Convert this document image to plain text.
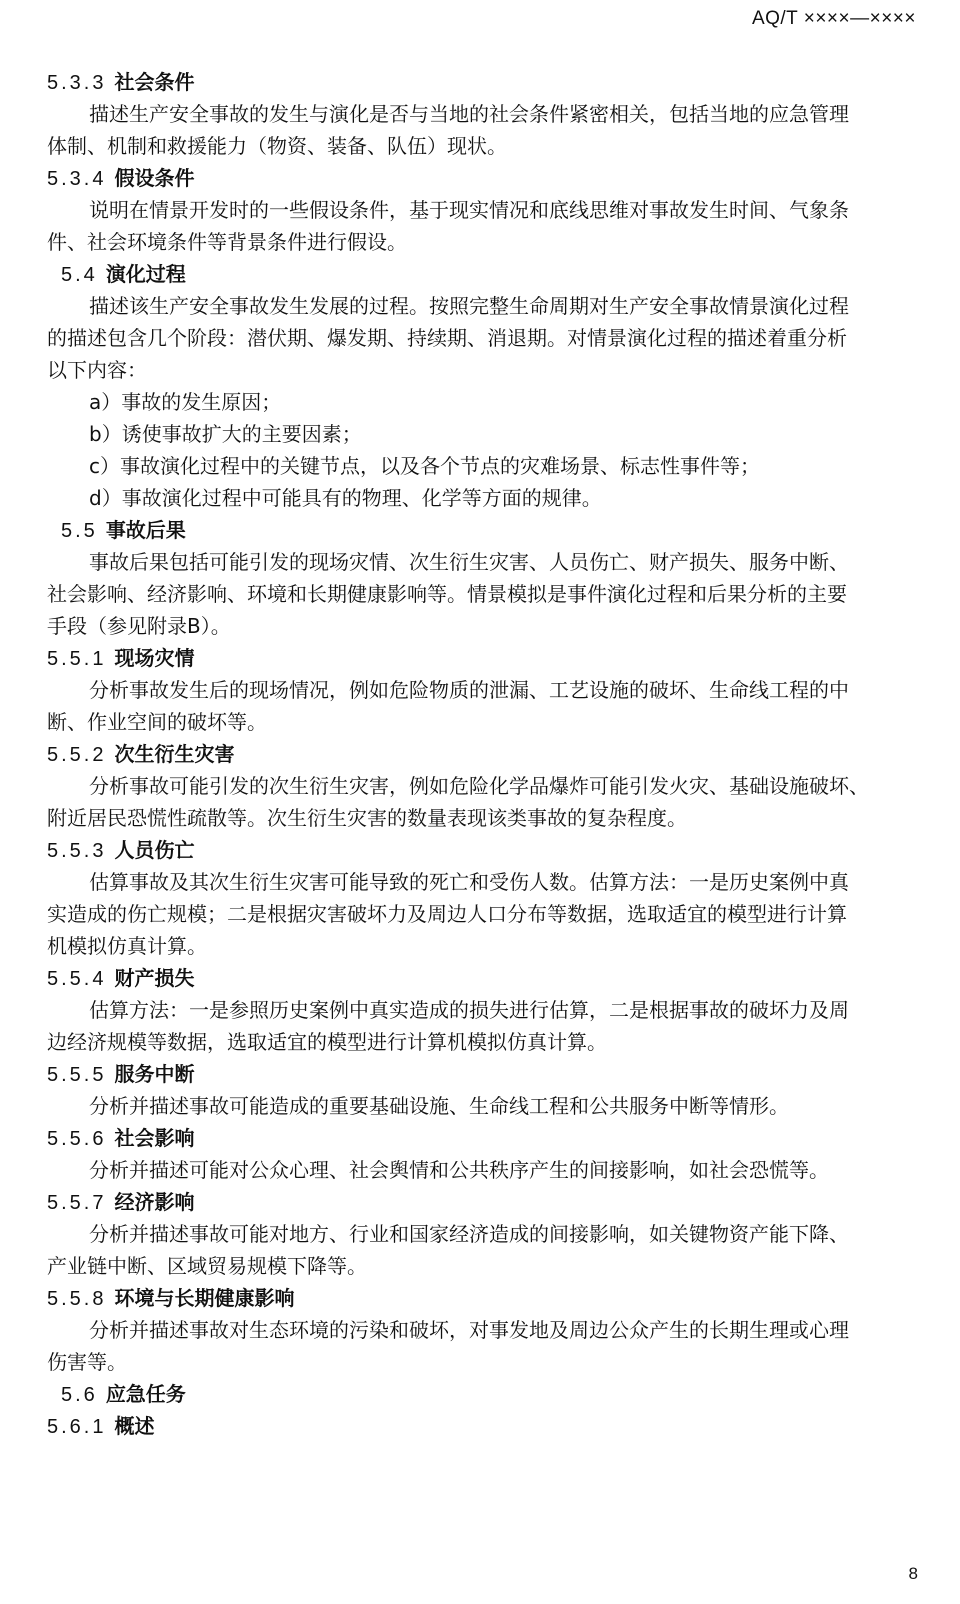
AQ/T ××××—××××
5.3.3 社会条件
描述生产安全事故的发生与演化是否与当地的社会条件紧密相关，包括当地的应急管理
体制、机制和救援能力（物资、装备、队伍）现状。
5.3.4 假设条件
说明在情景开发时的一些假设条件，基于现实情况和底线思维对事故发生时间、气象条
件、社会环境条件等背景条件进行假设。
5.4 演化过程
描述该生产安全事故发生发展的过程。按照完整生命周期对生产安全事故情景演化过程
的描述包含几个阶段：潜伏期、爆发期、持续期、消退期。对情景演化过程的描述着重分析
以下内容：
a）事故的发生原因；
b）诱使事故扩大的主要因素；
c）事故演化过程中的关键节点，以及各个节点的灾难场景、标志性事件等；
d）事故演化过程中可能具有的物理、化学等方面的规律。
5.5 事故后果
事故后果包括可能引发的现场灾情、次生衍生灾害、人员伤亡、财产损失、服务中断、
社会影响、经济影响、环境和长期健康影响等。情景模拟是事件演化过程和后果分析的主要
手段（参见附录B）。
5.5.1 现场灾情
分析事故发生后的现场情况，例如危险物质的泄漏、工艺设施的破坏、生命线工程的中
断、作业空间的破坏等。
5.5.2 次生衍生灾害
分析事故可能引发的次生衍生灾害，例如危险化学品爆炸可能引发火灾、基础设施破坏、
附近居民恐慌性疏散等。次生衍生灾害的数量表现该类事故的复杂程度。
5.5.3 人员伤亡
估算事故及其次生衍生灾害可能导致的死亡和受伤人数。估算方法：一是历史案例中真
实造成的伤亡规模；二是根据灾害破坏力及周边人口分布等数据，选取适宜的模型进行计算
机模拟仿真计算。
5.5.4 财产损失
估算方法：一是参照历史案例中真实造成的损失进行估算，二是根据事故的破坏力及周
边经济规模等数据，选取适宜的模型进行计算机模拟仿真计算。
5.5.5 服务中断
分析并描述事故可能造成的重要基础设施、生命线工程和公共服务中断等情形。
5.5.6 社会影响
分析并描述可能对公众心理、社会舆情和公共秩序产生的间接影响，如社会恐慌等。
5.5.7 经济影响
分析并描述事故可能对地方、行业和国家经济造成的间接影响，如关键物资产能下降、
产业链中断、区域贸易规模下降等。
5.5.8 环境与长期健康影响
分析并描述事故对生态环境的污染和破坏，对事发地及周边公众产生的长期生理或心理
伤害等。
5.6 应急任务
5.6.1 概述
8
